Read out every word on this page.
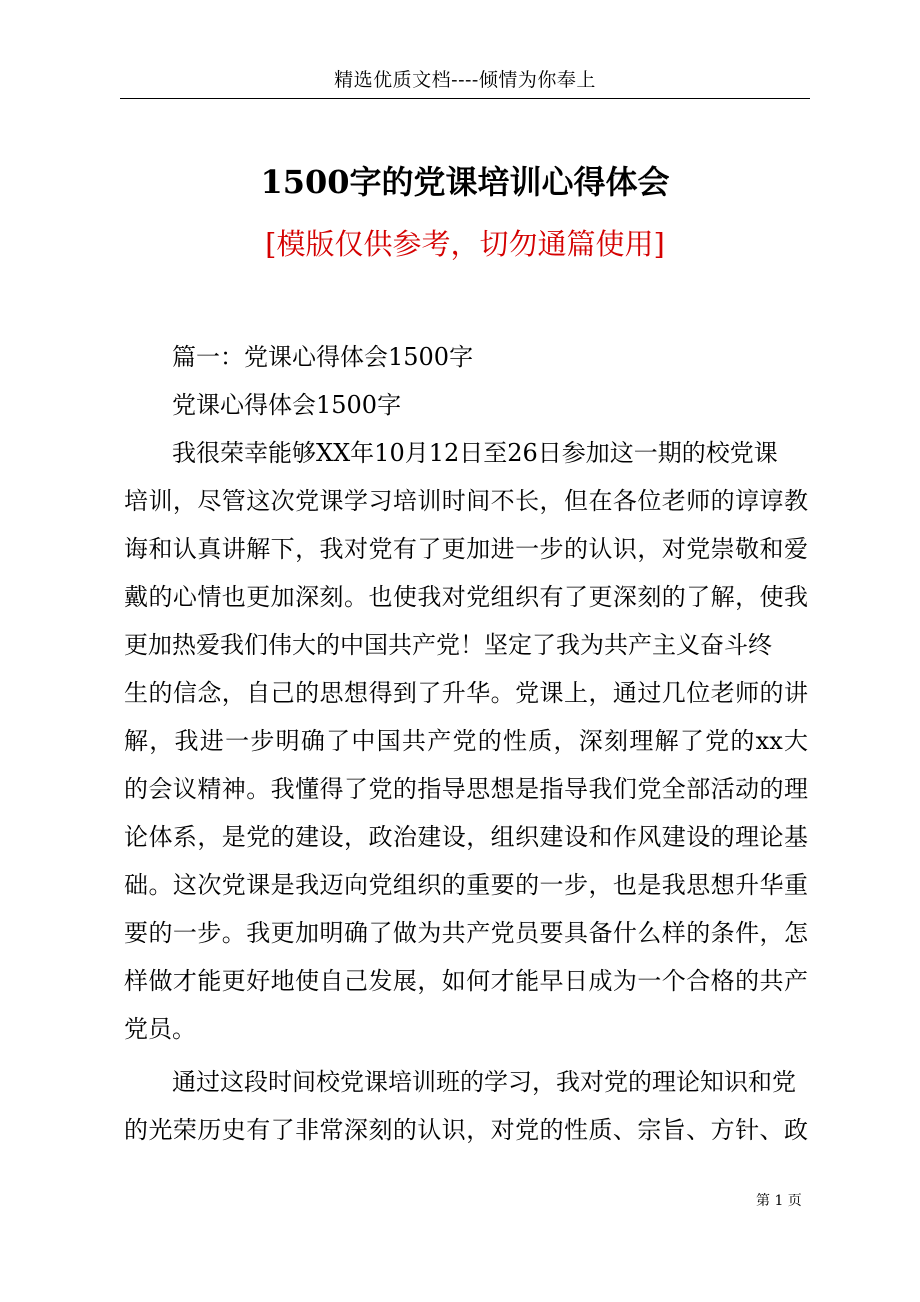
精选优质文档----倾情为你奉上
1500字的党课培训心得体会
[模版仅供参考，切勿通篇使用]
篇一：党课心得体会1500字
党课心得体会1500字
我很荣幸能够XX年10月12日至26日参加这一期的校党课
培训，尽管这次党课学习培训时间不长，但在各位老师的谆谆教
诲和认真讲解下，我对党有了更加进一步的认识，对党崇敬和爱
戴的心情也更加深刻。也使我对党组织有了更深刻的了解，使我
更加热爱我们伟大的中国共产党！坚定了我为共产主义奋斗终
生的信念，自己的思想得到了升华。党课上，通过几位老师的讲
解，我进一步明确了中国共产党的性质，深刻理解了党的xx大
的会议精神。我懂得了党的指导思想是指导我们党全部活动的理
论体系，是党的建设，政治建设，组织建设和作风建设的理论基
础。这次党课是我迈向党组织的重要的一步，也是我思想升华重
要的一步。我更加明确了做为共产党员要具备什么样的条件，怎
样做才能更好地使自己发展，如何才能早日成为一个合格的共产
党员。
通过这段时间校党课培训班的学习，我对党的理论知识和党
的光荣历史有了非常深刻的认识，对党的性质、宗旨、方针、政
第 1 页
